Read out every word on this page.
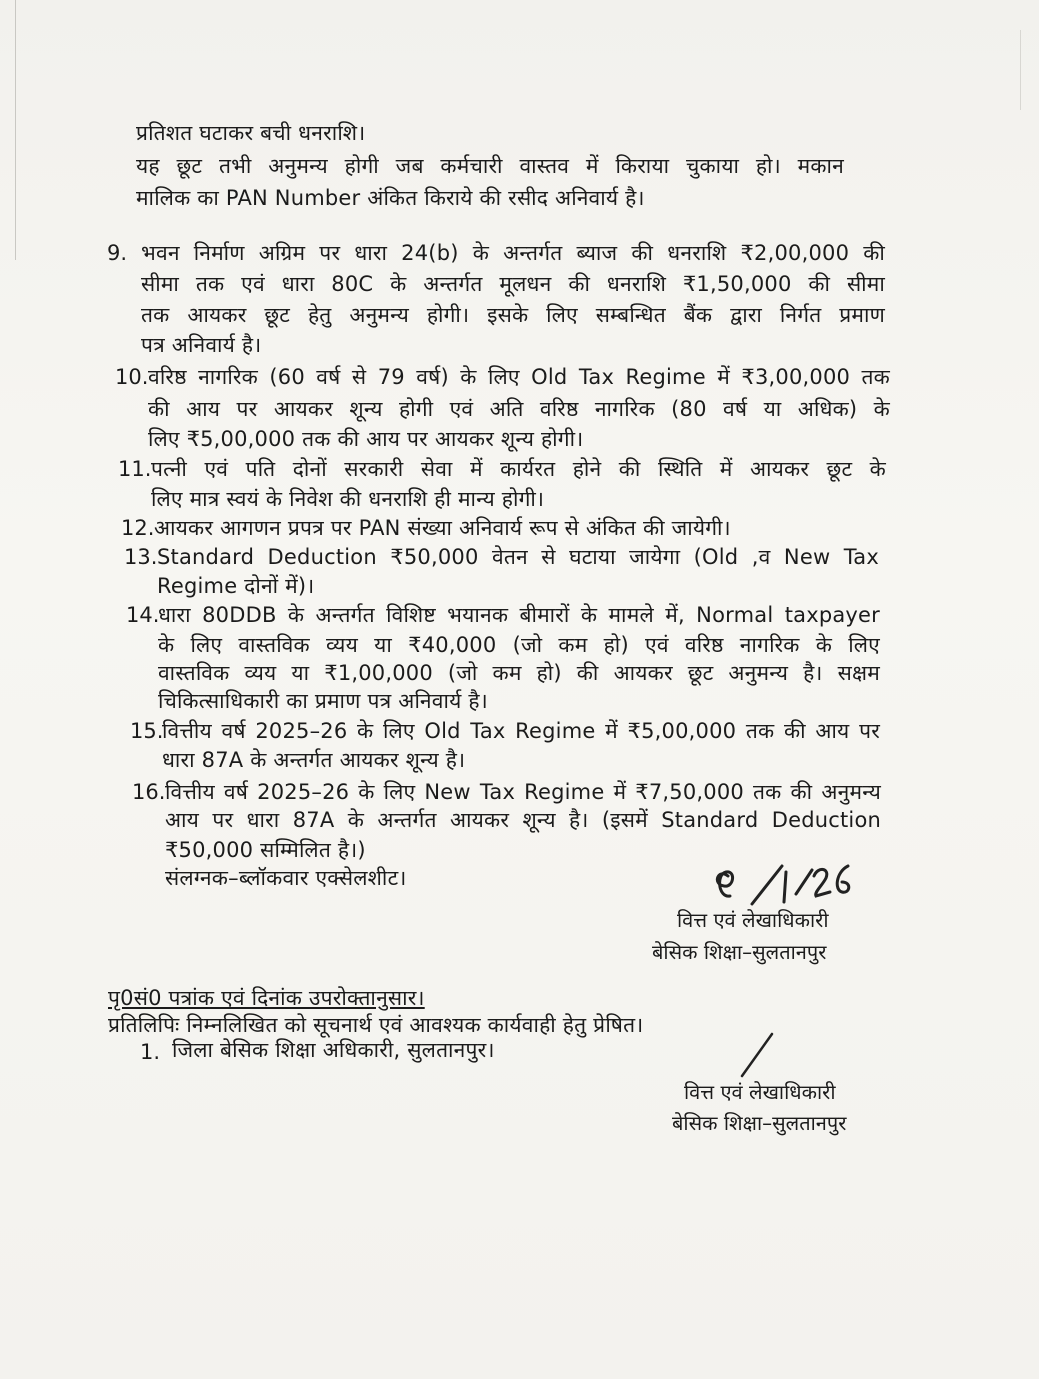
प्रतिशत घटाकर बची धनराशि।
यह छूट तभी अनुमन्य होगी जब कर्मचारी वास्तव में किराया चुकाया हो। मकान
मालिक का PAN Number अंकित किराये की रसीद अनिवार्य है।
9. भवन निर्माण अग्रिम पर धारा 24(b) के अन्तर्गत ब्याज की धनराशि ₹2,00,000 की
सीमा तक एवं धारा 80C के अन्तर्गत मूलधन की धनराशि ₹1,50,000 की सीमा
तक आयकर छूट हेतु अनुमन्य होगी। इसके लिए सम्बन्धित बैंक द्वारा निर्गत प्रमाण
पत्र अनिवार्य है।
10. वरिष्ठ नागरिक (60 वर्ष से 79 वर्ष) के लिए Old Tax Regime में ₹3,00,000 तक
की आय पर आयकर शून्य होगी एवं अति वरिष्ठ नागरिक (80 वर्ष या अधिक) के
लिए ₹5,00,000 तक की आय पर आयकर शून्य होगी।
11. पत्नी एवं पति दोनों सरकारी सेवा में कार्यरत होने की स्थिति में आयकर छूट के
लिए मात्र स्वयं के निवेश की धनराशि ही मान्य होगी।
12. आयकर आगणन प्रपत्र पर PAN संख्या अनिवार्य रूप से अंकित की जायेगी।
13. Standard Deduction ₹50,000 वेतन से घटाया जायेगा (Old ,व New Tax
Regime दोनों में)।
14.
धारा 80DDB के अन्तर्गत विशिष्ट भयानक बीमारों के मामले में, Normal taxpayer
के लिए वास्तविक व्यय या ₹40,000 (जो कम हो) एवं वरिष्ठ नागरिक के लिए
वास्तविक व्यय या ₹1,00,000 (जो कम हो) की आयकर छूट अनुमन्य है। सक्षम
चिकित्साधिकारी का प्रमाण पत्र अनिवार्य है।
15.
वित्तीय वर्ष 2025–26 के लिए Old Tax Regime में ₹5,00,000 तक की आय पर
धारा 87A के अन्तर्गत आयकर शून्य है।
16. वित्तीय वर्ष 2025–26 के लिए New Tax Regime में ₹7,50,000 तक की अनुमन्य
आय पर धारा 87A के अन्तर्गत आयकर शून्य है। (इसमें Standard Deduction
₹50,000 सम्मिलित है।)
संलग्नक–ब्लॉकवार एक्सेलशीट।
वित्त एवं लेखाधिकारी
बेसिक शिक्षा–सुलतानपुर
पृ0सं0 पत्रांक एवं दिनांक उपरोक्तानुसार।
प्रतिलिपिः निम्नलिखित को सूचनार्थ एवं आवश्यक कार्यवाही हेतु प्रेषित।
1. जिला बेसिक शिक्षा अधिकारी, सुलतानपुर।
वित्त एवं लेखाधिकारी
बेसिक शिक्षा–सुलतानपुर
